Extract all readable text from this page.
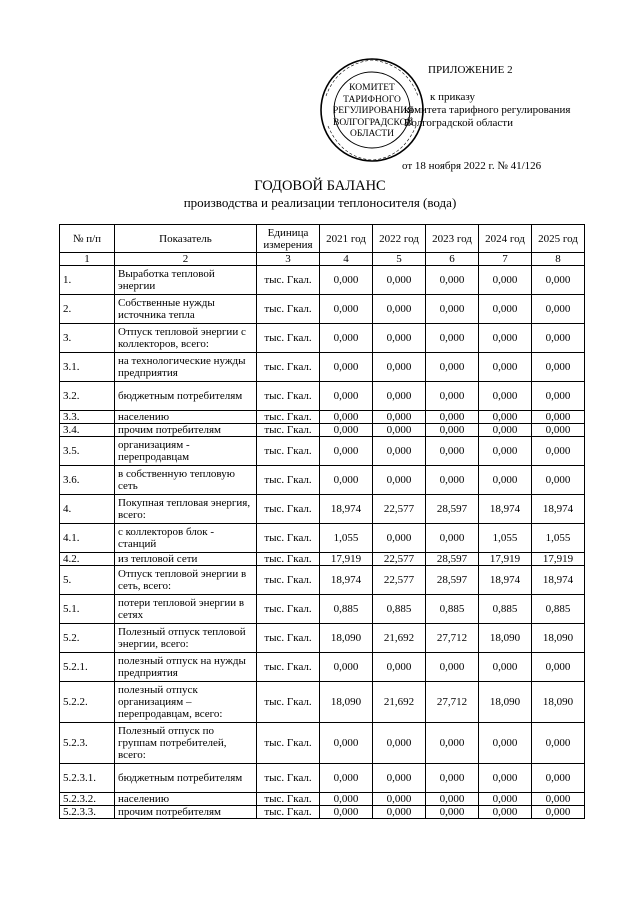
КОМИТЕТ
ТАРИФНОГО
РЕГУЛИРОВАНИЯ
ВОЛГОГРАДСКОЙ
ОБЛАСТИ
ПРИЛОЖЕНИЕ 2
к приказу
комитета тарифного регулирования
Волгоградской области
от 18 ноября 2022 г. № 41/126
ГОДОВОЙ БАЛАНС
производства и реализации теплоносителя (вода)
№ п/п	Показатель	Единица измерения	2021 год	2022 год	2023 год	2024 год	2025 год
1	2	3	4	5	6	7	8
1.	Выработка тепловой энергии	тыс. Гкал.	0,000	0,000	0,000	0,000	0,000
2.	Собственные нужды источника тепла	тыс. Гкал.	0,000	0,000	0,000	0,000	0,000
3.	Отпуск тепловой энергии с коллекторов, всего:	тыс. Гкал.	0,000	0,000	0,000	0,000	0,000
3.1.	на технологические нужды предприятия	тыс. Гкал.	0,000	0,000	0,000	0,000	0,000
3.2.	бюджетным потребителям	тыс. Гкал.	0,000	0,000	0,000	0,000	0,000
3.3.	населению	тыс. Гкал.	0,000	0,000	0,000	0,000	0,000
3.4.	прочим потребителям	тыс. Гкал.	0,000	0,000	0,000	0,000	0,000
3.5.	организациям - перепродавцам	тыс. Гкал.	0,000	0,000	0,000	0,000	0,000
3.6.	в собственную тепловую сеть	тыс. Гкал.	0,000	0,000	0,000	0,000	0,000
4.	Покупная тепловая энергия, всего:	тыс. Гкал.	18,974	22,577	28,597	18,974	18,974
4.1.	с коллекторов блок - станций	тыс. Гкал.	1,055	0,000	0,000	1,055	1,055
4.2.	из тепловой сети	тыс. Гкал.	17,919	22,577	28,597	17,919	17,919
5.	Отпуск тепловой энергии в сеть, всего:	тыс. Гкал.	18,974	22,577	28,597	18,974	18,974
5.1.	потери тепловой энергии в сетях	тыс. Гкал.	0,885	0,885	0,885	0,885	0,885
5.2.	Полезный отпуск тепловой энергии, всего:	тыс. Гкал.	18,090	21,692	27,712	18,090	18,090
5.2.1.	полезный отпуск на нужды предприятия	тыс. Гкал.	0,000	0,000	0,000	0,000	0,000
5.2.2.	полезный отпуск организациям – перепродавцам, всего:	тыс. Гкал.	18,090	21,692	27,712	18,090	18,090
5.2.3.	Полезный отпуск по группам потребителей, всего:	тыс. Гкал.	0,000	0,000	0,000	0,000	0,000
5.2.3.1.	бюджетным потребителям	тыс. Гкал.	0,000	0,000	0,000	0,000	0,000
5.2.3.2.	населению	тыс. Гкал.	0,000	0,000	0,000	0,000	0,000
5.2.3.3.	прочим потребителям	тыс. Гкал.	0,000	0,000	0,000	0,000	0,000
